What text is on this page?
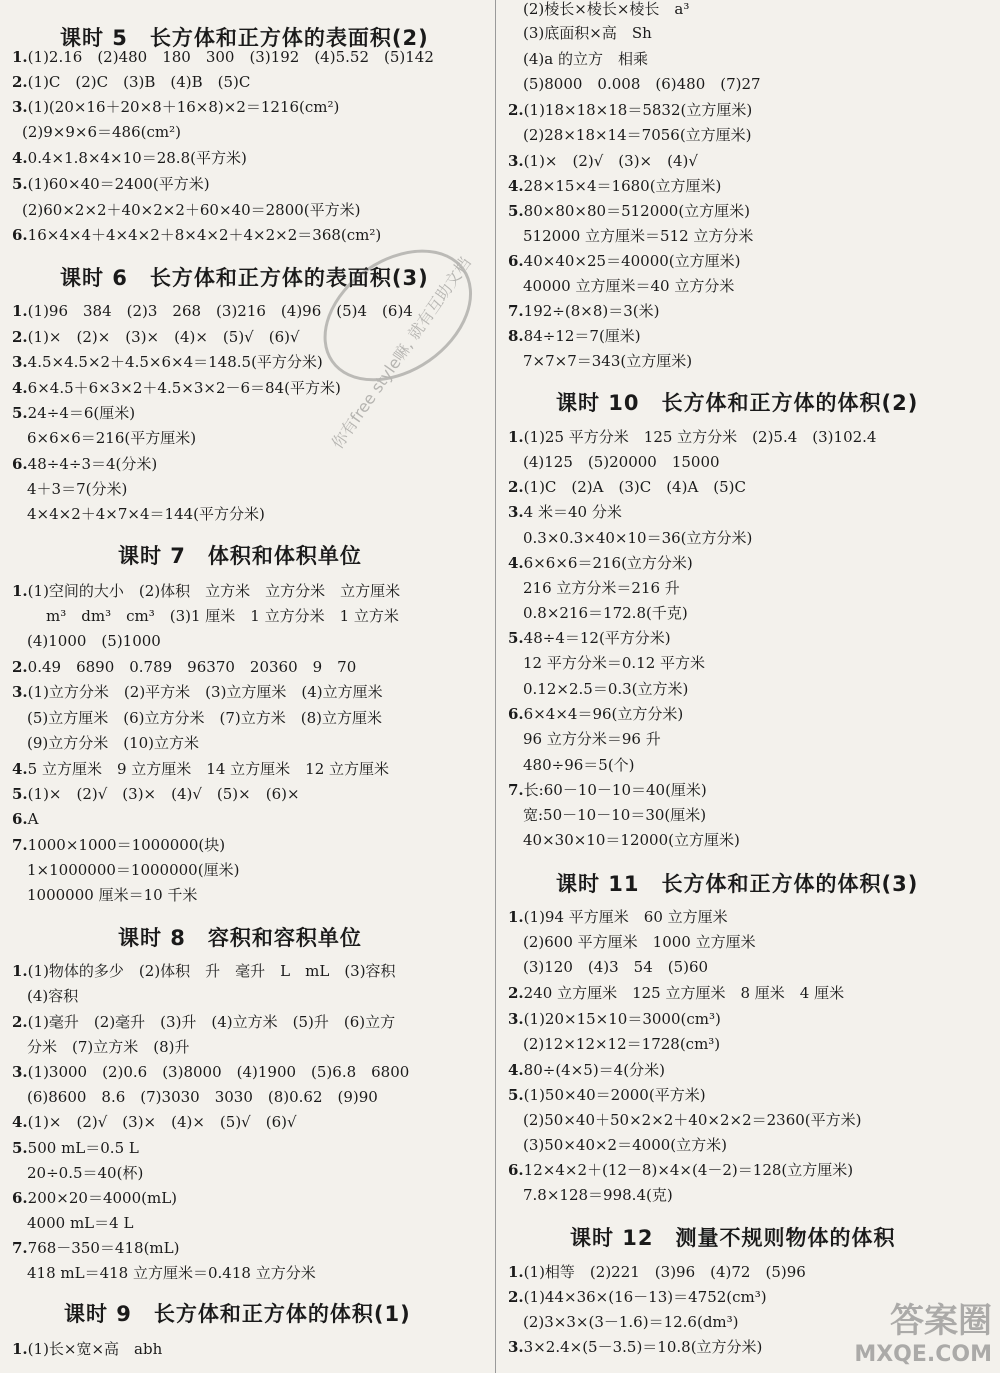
课时 5　长方体和正方体的表面积(2)
1.(1)2.16　(2)480　180　300　(3)192　(4)5.52　(5)142
2.(1)C　(2)C　(3)B　(4)B　(5)C
3.(1)(20×16＋20×8＋16×8)×2＝1216(cm²)
(2)9×9×6＝486(cm²)
4.0.4×1.8×4×10＝28.8(平方米)
5.(1)60×40＝2400(平方米)
(2)60×2×2＋40×2×2＋60×40＝2800(平方米)
6.16×4×4＋4×4×2＋8×4×2＋4×2×2＝368(cm²)
课时 6　长方体和正方体的表面积(3)
1.(1)96　384　(2)3　268　(3)216　(4)96　(5)4　(6)4
2.(1)×　(2)×　(3)×　(4)×　(5)√　(6)√
3.4.5×4.5×2＋4.5×6×4＝148.5(平方分米)
4.6×4.5＋6×3×2＋4.5×3×2－6＝84(平方米)
5.24÷4＝6(厘米)
6×6×6＝216(平方厘米)
6.48÷4÷3＝4(分米)
4＋3＝7(分米)
4×4×2＋4×7×4＝144(平方分米)
课时 7　体积和体积单位
1.(1)空间的大小　(2)体积　立方米　立方分米　立方厘米
m³　dm³　cm³　(3)1 厘米　1 立方分米　1 立方米
(4)1000　(5)1000
2.0.49　6890　0.789　96370　20360　9　70
3.(1)立方分米　(2)平方米　(3)立方厘米　(4)立方厘米
(5)立方厘米　(6)立方分米　(7)立方米　(8)立方厘米
(9)立方分米　(10)立方米
4.5 立方厘米　9 立方厘米　14 立方厘米　12 立方厘米
5.(1)×　(2)√　(3)×　(4)√　(5)×　(6)×
6.A
7.1000×1000＝1000000(块)
1×1000000＝1000000(厘米)
1000000 厘米＝10 千米
课时 8　容积和容积单位
1.(1)物体的多少　(2)体积　升　毫升　L　mL　(3)容积
(4)容积
2.(1)毫升　(2)毫升　(3)升　(4)立方米　(5)升　(6)立方
分米　(7)立方米　(8)升
3.(1)3000　(2)0.6　(3)8000　(4)1900　(5)6.8　6800
(6)8600　8.6　(7)3030　3030　(8)0.62　(9)90
4.(1)×　(2)√　(3)×　(4)×　(5)√　(6)√
5.500 mL＝0.5 L
20÷0.5＝40(杯)
6.200×20＝4000(mL)
4000 mL＝4 L
7.768－350＝418(mL)
418 mL＝418 立方厘米＝0.418 立方分米
课时 9　长方体和正方体的体积(1)
1.(1)长×宽×高　abh
(2)棱长×棱长×棱长　a³
(3)底面积×高　Sh
(4)a 的立方　相乘
(5)8000　0.008　(6)480　(7)27
2.(1)18×18×18＝5832(立方厘米)
(2)28×18×14＝7056(立方厘米)
3.(1)×　(2)√　(3)×　(4)√
4.28×15×4＝1680(立方厘米)
5.80×80×80＝512000(立方厘米)
512000 立方厘米＝512 立方分米
6.40×40×25＝40000(立方厘米)
40000 立方厘米＝40 立方分米
7.192÷(8×8)＝3(米)
8.84÷12＝7(厘米)
7×7×7＝343(立方厘米)
课时 10　长方体和正方体的体积(2)
1.(1)25 平方分米　125 立方分米　(2)5.4　(3)102.4
(4)125　(5)20000　15000
2.(1)C　(2)A　(3)C　(4)A　(5)C
3.4 米＝40 分米
0.3×0.3×40×10＝36(立方分米)
4.6×6×6＝216(立方分米)
216 立方分米＝216 升
0.8×216＝172.8(千克)
5.48÷4＝12(平方分米)
12 平方分米＝0.12 平方米
0.12×2.5＝0.3(立方米)
6.6×4×4＝96(立方分米)
96 立方分米＝96 升
480÷96＝5(个)
7.长:60－10－10＝40(厘米)
宽:50－10－10＝30(厘米)
40×30×10＝12000(立方厘米)
课时 11　长方体和正方体的体积(3)
1.(1)94 平方厘米　60 立方厘米
(2)600 平方厘米　1000 立方厘米
(3)120　(4)3　54　(5)60
2.240 立方厘米　125 立方厘米　8 厘米　4 厘米
3.(1)20×15×10＝3000(cm³)
(2)12×12×12＝1728(cm³)
4.80÷(4×5)＝4(分米)
5.(1)50×40＝2000(平方米)
(2)50×40＋50×2×2＋40×2×2＝2360(平方米)
(3)50×40×2＝4000(立方米)
6.12×4×2＋(12－8)×4×(4－2)＝128(立方厘米)
7.8×128＝998.4(克)
课时 12　测量不规则物体的体积
1.(1)相等　(2)221　(3)96　(4)72　(5)96
2.(1)44×36×(16－13)＝4752(cm³)
(2)3×3×(3－1.6)＝12.6(dm³)
3.3×2.4×(5－3.5)＝10.8(立方分米)
你有free style嘛, 就有互助文档
答案圈
MXQE.COM
